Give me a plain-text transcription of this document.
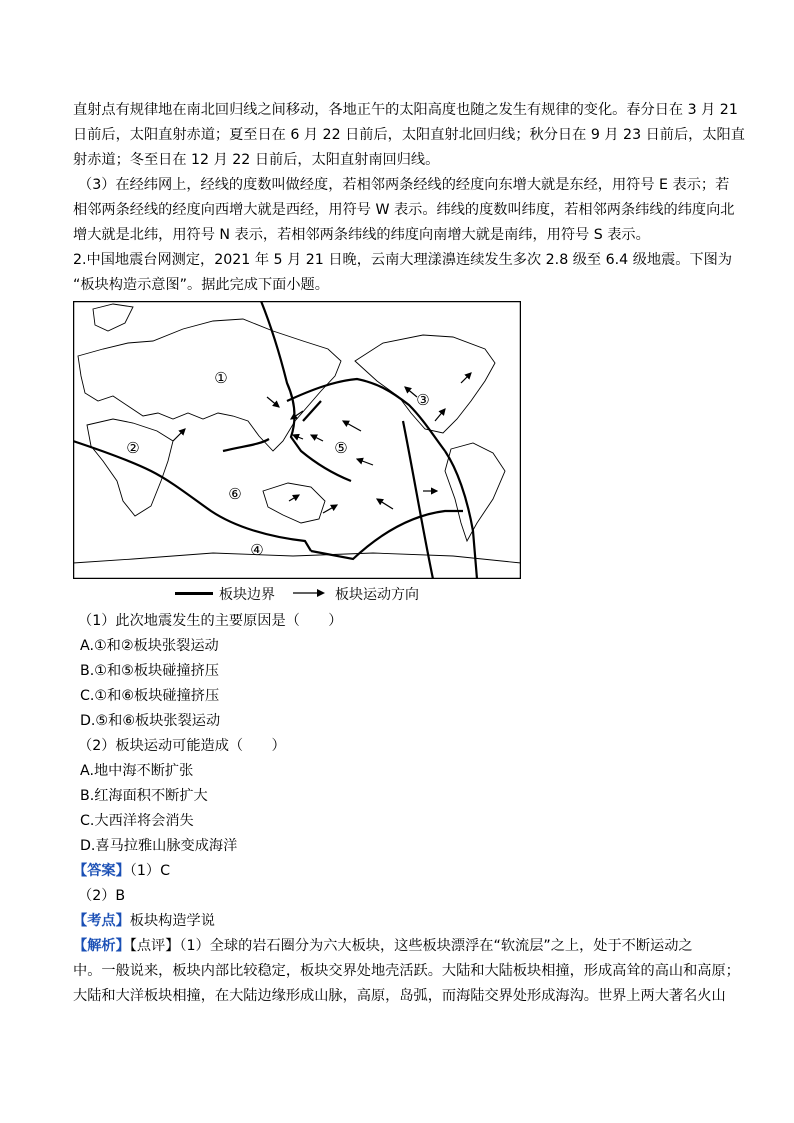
直射点有规律地在南北回归线之间移动，各地正午的太阳高度也随之发生有规律的变化。春分日在 3 月 21
日前后，太阳直射赤道；夏至日在 6 月 22 日前后，太阳直射北回归线；秋分日在 9 月 23 日前后，太阳直
射赤道；冬至日在 12 月 22 日前后，太阳直射南回归线。
（3）在经纬网上，经线的度数叫做经度，若相邻两条经线的经度向东增大就是东经，用符号 E 表示；若
相邻两条经线的经度向西增大就是西经，用符号 W 表示。纬线的度数叫纬度，若相邻两条纬线的纬度向北
增大就是北纬，用符号 N 表示，若相邻两条纬线的纬度向南增大就是南纬，用符号 S 表示。
2.中国地震台网测定，2021 年 5 月 21 日晚，云南大理漾濞连续发生多次 2.8 级至 6.4 级地震。下图为
“板块构造示意图”。据此完成下面小题。
①
②
③
④
⑤
⑥
板块边界	板块运动方向
（1）此次地震发生的主要原因是（　　）
A.①和②板块张裂运动
B.①和⑤板块碰撞挤压
C.①和⑥板块碰撞挤压
D.⑤和⑥板块张裂运动
（2）板块运动可能造成（　　）
A.地中海不断扩张
B.红海面积不断扩大
C.大西洋将会消失
D.喜马拉雅山脉变成海洋
【答案】（1）C
（2）B
【考点】板块构造学说
【解析】【点评】（1）全球的岩石圈分为六大板块，这些板块漂浮在“软流层”之上，处于不断运动之
中。一般说来，板块内部比较稳定，板块交界处地壳活跃。大陆和大陆板块相撞，形成高耸的高山和高原；
大陆和大洋板块相撞，在大陆边缘形成山脉，高原，岛弧，而海陆交界处形成海沟。世界上两大著名火山
